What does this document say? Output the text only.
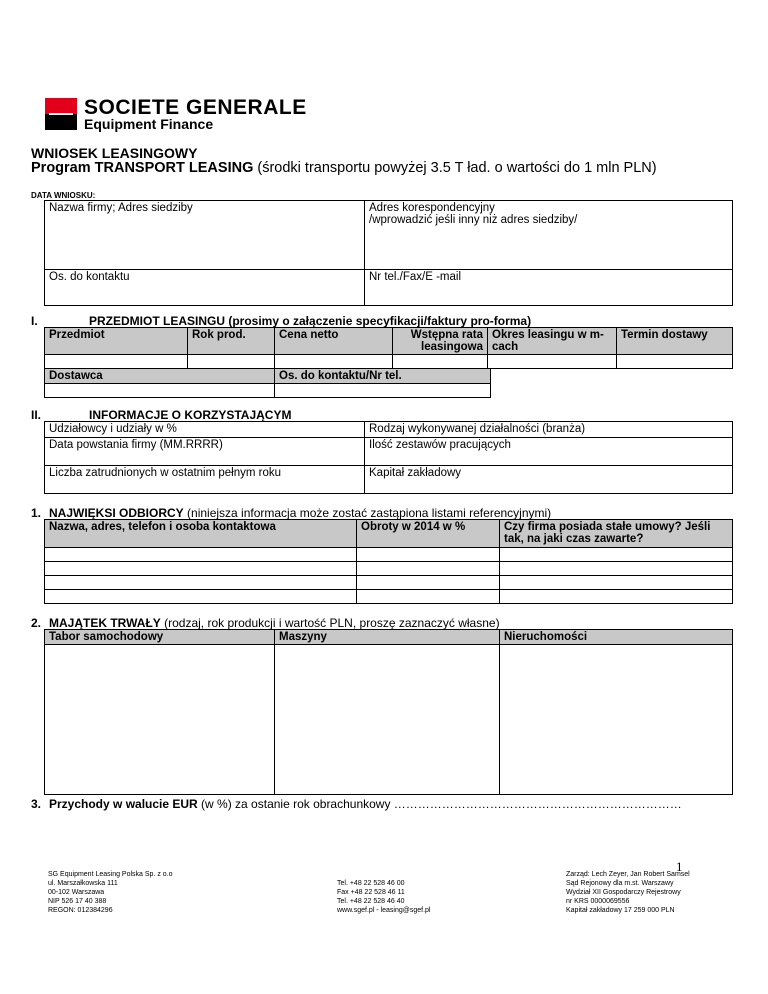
SOCIETE GENERALE
Equipment Finance
WNIOSEK LEASINGOWY
Program TRANSPORT LEASING (środki transportu powyżej 3.5 T ład. o wartości do 1 mln PLN)
DATA WNIOSKU:
Nazwa firmy; Adres siedziby	Adres korespondencyjny
/wprowadzić jeśli inny niż adres siedziby/

Os. do kontaktu	Nr tel./Fax/E -mail
I.	PRZEDMIOT LEASINGU (prosimy o załączenie specyfikacji/faktury pro-forma)
Przedmiot	Rok prod.	Cena netto	Wstępna rata leasingowa	Okres leasingu w m-cach	Termin dostawy

Dostawca	Os. do kontaktu/Nr tel.

II.	INFORMACJE O KORZYSTAJĄCYM
Udziałowcy i udziały w %	Rodzaj wykonywanej działalności (branża)
Data powstania firmy (MM.RRRR)	Ilość zestawów pracujących
Liczba zatrudnionych w ostatnim pełnym roku	Kapitał zakładowy
1. NAJWIĘKSI ODBIORCY (niniejsza informacja może zostać zastąpiona listami referencyjnymi)
Nazwa, adres, telefon i osoba kontaktowa	Obroty w 2014 w %	Czy firma posiada stałe umowy? Jeśli tak, na jaki czas zawarte?

2. MAJĄTEK TRWAŁY (rodzaj, rok produkcji i wartość PLN, proszę zaznaczyć własne)
Tabor samochodowy	Maszyny	Nieruchomości

3. Przychody w walucie EUR (w %) za ostanie rok obrachunkowy ………………………………………………………………
1
SG Equipment Leasing Polska Sp. z o.o
ul. Marszałkowska 111
00-102 Warszawa
NIP 526 17 40 388
REGON: 012384296
Tel. +48 22 528 46 00
Fax +48 22 528 46 11
Tel. +48 22 528 46 40
www.sgef.pl - leasing@sgef.pl
Zarząd: Lech Zeyer, Jan Robert Samsel
Sąd Rejonowy dla m.st. Warszawy
Wydział XII Gospodarczy Rejestrowy
nr KRS 0000069556
Kapitał zakładowy 17 259 000 PLN
